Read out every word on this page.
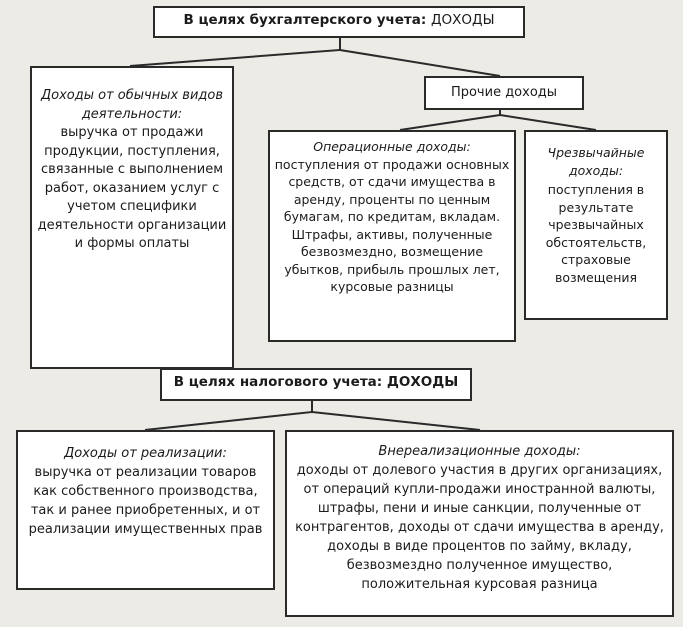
В целях бухгалтерского учета: ДОХОДЫ
Доходы от обычных видов деятельности:
выручка от продажи продукции, поступления, связанные с выполнением работ, оказанием услуг с учетом специфики деятельности организации и формы оплаты
Прочие доходы
Операционные доходы:
поступления от продажи основных средств, от сдачи имущества в аренду, проценты по ценным бумагам, по кредитам, вкладам. Штрафы, активы, полученные безвозмездно, возмещение убытков, прибыль прошлых лет, курсовые разницы
Чрезвычайные доходы:
поступления в результате чрезвычайных обстоятельств, страховые возмещения
В целях налогового учета: ДОХОДЫ
Доходы от реализации:
выручка от реализации товаров как собственного производства, так и ранее приобретенных, и от реализации имущественных прав
Внереализационные доходы:
доходы от долевого участия в других организациях, от операций купли-продажи иностранной валюты, штрафы, пени и иные санкции, полученные от контрагентов, доходы от сдачи имущества в аренду, доходы в виде процентов по займу, вкладу, безвозмездно полученное имущество, положительная курсовая разница
